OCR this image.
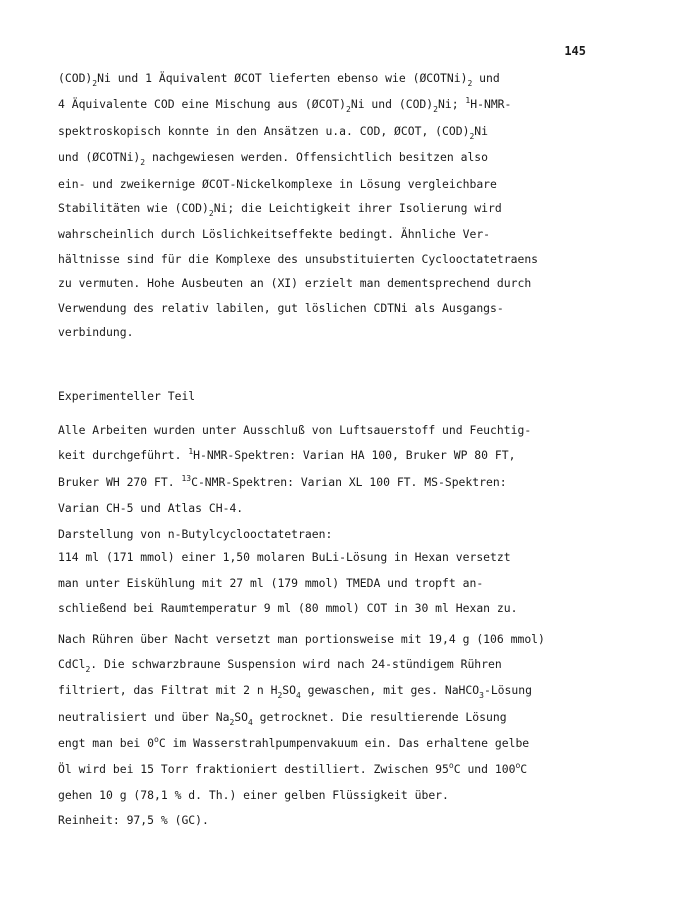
145
$(COD)_2Ni$ und 1 Äquivalent ØCOT lieferten ebenso wie $(ØCOTNi)_2$ und
4 Äquivalente COD eine Mischung aus $(ØCOT)_2Ni$ und $(COD)_2Ni$; $^1$H-NMR-
spektroskopisch konnte in den Ansätzen u.a. COD, ØCOT, $(COD)_2Ni$
und $(ØCOTNi)_2$ nachgewiesen werden. Offensichtlich besitzen also
ein- und zweikernige ØCOT-Nickelkomplexe in Lösung vergleichbare
Stabilitäten wie $(COD)_2Ni$; die Leichtigkeit ihrer Isolierung wird
wahrscheinlich durch Löslichkeitseffekte bedingt. Ähnliche Ver-
hältnisse sind für die Komplexe des unsubstituierten Cyclooctatetraens
zu vermuten. Hohe Ausbeuten an (XI) erzielt man dementsprechend durch
Verwendung des relativ labilen, gut löslichen CDTNi als Ausgangs-
verbindung.
Experimenteller Teil
Alle Arbeiten wurden unter Ausschluß von Luftsauerstoff und Feuchtig-
keit durchgeführt. $^1$H-NMR-Spektren: Varian HA 100, Bruker WP 80 FT,
Bruker WH 270 FT. $^{13}$C-NMR-Spektren: Varian XL 100 FT. MS-Spektren:
Varian CH-5 und Atlas CH-4.
Darstellung von n-Butylcyclooctatetraen:
114 ml (171 mmol) einer 1,50 molaren BuLi-Lösung in Hexan versetzt
man unter Eiskühlung mit 27 ml (179 mmol) TMEDA und tropft an-
schließend bei Raumtemperatur 9 ml (80 mmol) COT in 30 ml Hexan zu.
Nach Rühren über Nacht versetzt man portionsweise mit 19,4 g (106 mmol)
CdCl$_2$. Die schwarzbraune Suspension wird nach 24-stündigem Rühren
filtriert, das Filtrat mit 2 n $H_2SO_4$ gewaschen, mit ges. NaHCO$_3$-Lösung
neutralisiert und über $Na_2SO_4$ getrocknet. Die resultierende Lösung
engt man bei 0$^o$C im Wasserstrahlpumpenvakuum ein. Das erhaltene gelbe
Öl wird bei 15 Torr fraktioniert destilliert. Zwischen 95$^o$C und 100$^o$C
gehen 10 g (78,1 % d. Th.) einer gelben Flüssigkeit über.
Reinheit: 97,5 % (GC).
